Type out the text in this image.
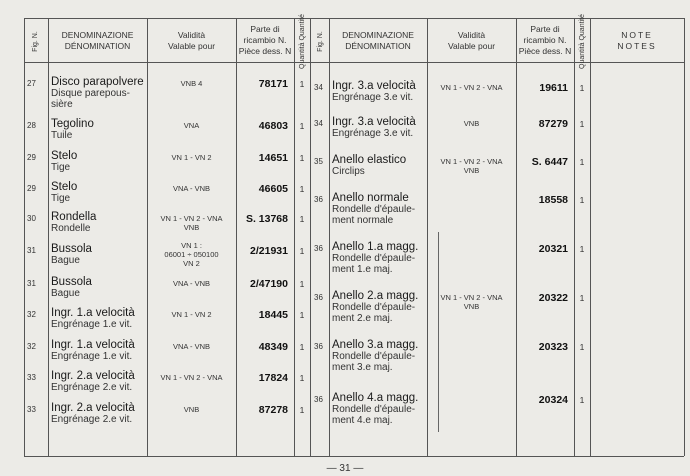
Fig. N.	DENOMINAZIONE
DÉNOMINATION
Validità
Valable pour
Parte di
ricambio N.
Pièce dess. N	Quantità Quantité Fig. N.	DENOMINAZIONE
DÉNOMINATION
Validità
Valable pour
Parte di
ricambio N.
Pièce dess. N	Quantità Quantité	NOTE
NOTES
27 Disco parapolvere
Disque parepous-
sière
VNB 4	78171	1
28 Tegolino
Tuile
VNA	46803	1
29 Stelo
Tige
VN 1 - VN 2	14651	1
29 Stelo
Tige
VNA - VNB	46605	1
30 Rondella
Rondelle
VN 1 - VN 2 - VNA
VNB
S. 13768	1
31 Bussola
Bague
VN 1 :
06001 ÷ 050100
VN 2
2/21931	1
31 Bussola
Bague
VNA - VNB	2/47190	1
32 Ingr. 1.a velocità
Engrénage 1.e vit.
VN 1 - VN 2	18445	1
32 Ingr. 1.a velocità
Engrénage 1.e vit.
VNA - VNB	48349	1
33 Ingr. 2.a velocità
Engrénage 2.e vit.
VN 1 - VN 2 - VNA	17824	1
33 Ingr. 2.a velocità
Engrénage 2.e vit.
VNB	87278	1
34 Ingr. 3.a velocità
Engrénage 3.e vit.
VN 1 - VN 2 - VNA	19611	1
34 Ingr. 3.a velocità
Engrénage 3.e vit.
VNB	87279	1
35 Anello elastico
Circlips
VN 1 - VN 2 - VNA
VNB
S. 6447	1
36 Anello normale
Rondelle d'épaule-
ment normale
18558	1
36 Anello 1.a magg.
Rondelle d'épaule-
ment 1.e maj.
20321	1
36 Anello 2.a magg.
Rondelle d'épaule-
ment 2.e maj.
VN 1 - VN 2 - VNA
VNB
20322	1
36 Anello 3.a magg.
Rondelle d'épaule-
ment 3.e maj.
20323	1
36 Anello 4.a magg.
Rondelle d'épaule-
ment 4.e maj.
20324	1
— 31 —
